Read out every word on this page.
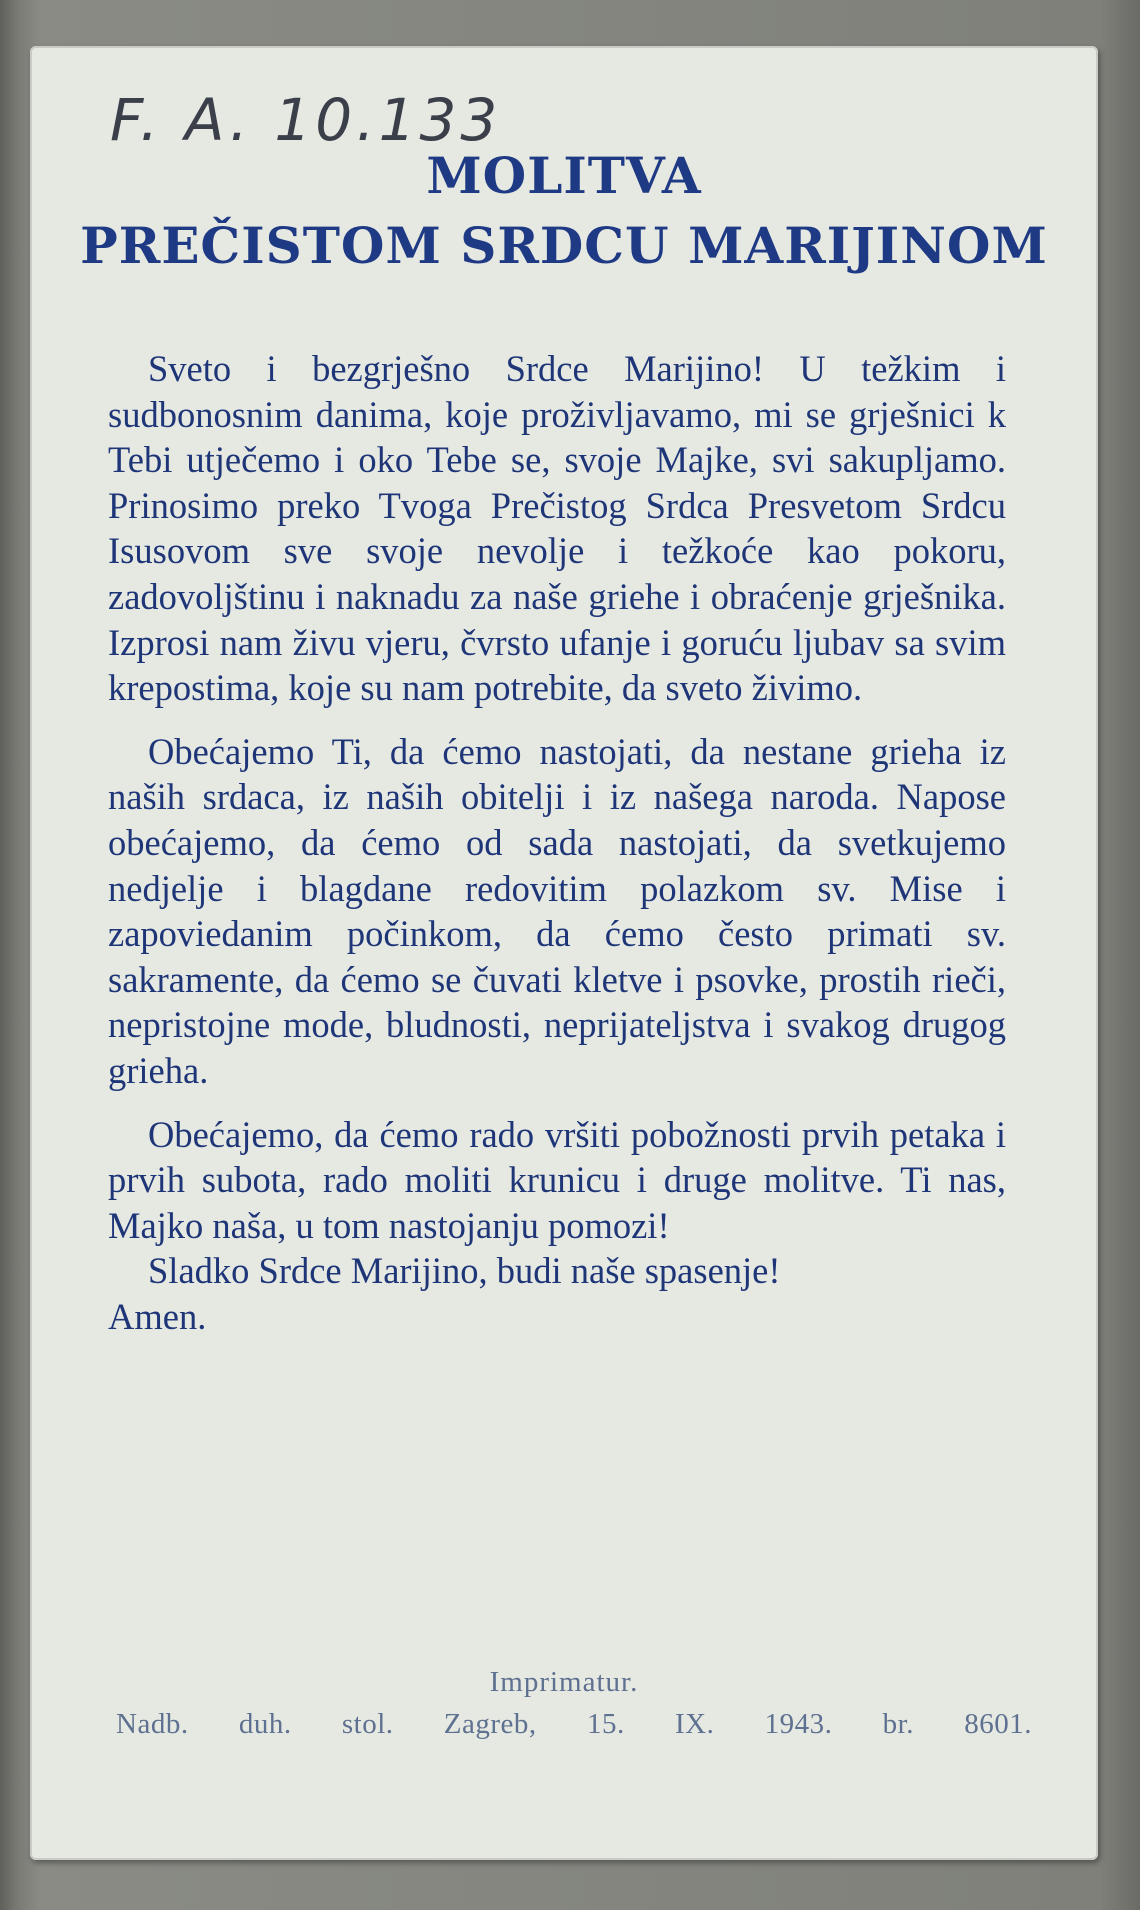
F. A. 10.133
MOLITVA
PREČISTOM SRDCU MARIJINOM

Sveto i bezgrješno Srdce Marijino! U težkim i sudbonosnim danima, koje proživljavamo, mi se grješnici k Tebi utječemo i oko Tebe se, svoje Majke, svi sakupljamo. Prinosimo preko Tvoga Prečistog Srdca Presvetom Srdcu Isusovom sve svoje nevolje i težkoće kao pokoru, zadovoljštinu i naknadu za naše griehe i obraćenje grješnika. Izprosi nam živu vjeru, čvrsto ufanje i goruću ljubav sa svim krepostima, koje su nam potrebite, da sveto živimo.

Obećajemo Ti, da ćemo nastojati, da nestane grieha iz naših srdaca, iz naših obitelji i iz našega naroda. Napose obećajemo, da ćemo od sada nastojati, da svetkujemo nedjelje i blagdane redovitim polazkom sv. Mise i zapoviedanim počinkom, da ćemo često primati sv. sakramente, da ćemo se čuvati kletve i psovke, prostih rieči, nepristojne mode, bludnosti, neprijateljstva i svakog drugog grieha.

Obećajemo, da ćemo rado vršiti pobožnosti prvih petaka i prvih subota, rado moliti krunicu i druge molitve. Ti nas, Majko naša, u tom nastojanju pomozi!

Sladko Srdce Marijino, budi naše spasenje!

Amen.

Imprimatur.
Nadb. duh. stol. Zagreb, 15. IX. 1943. br. 8601.
